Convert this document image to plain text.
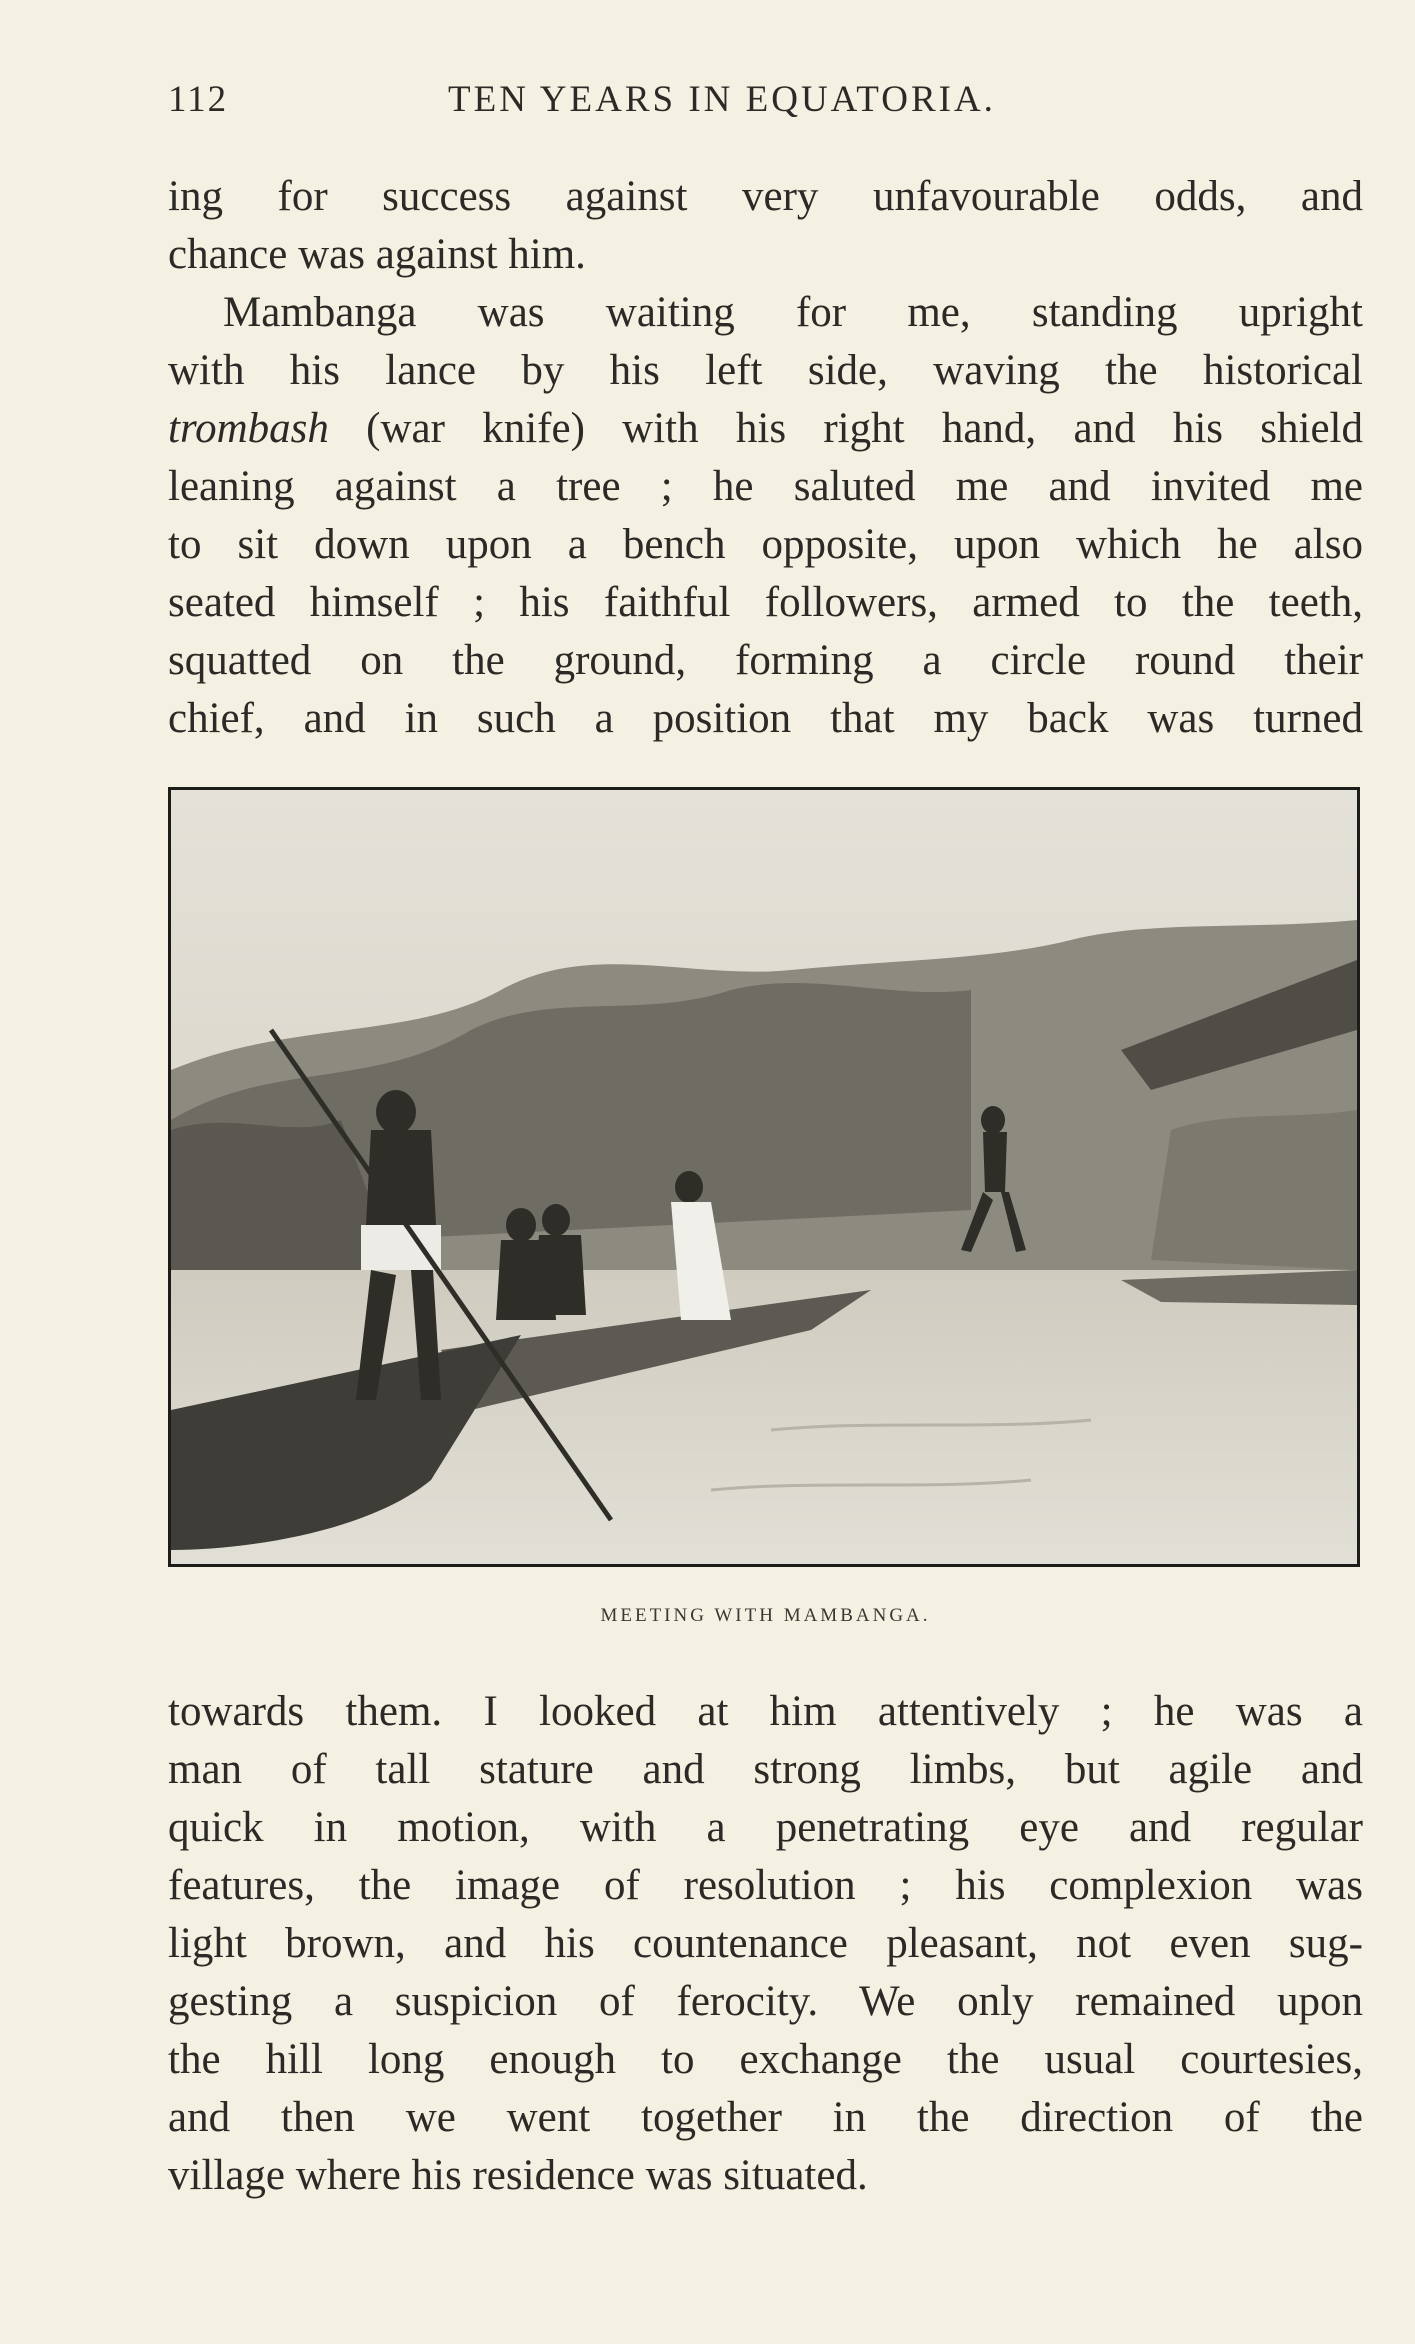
112	TEN YEARS IN EQUATORIA.

ing for success against very unfavourable odds, and

chance was against him.

Mambanga was waiting for me, standing upright

with his lance by his left side, waving the historical

trombash (war knife) with his right hand, and his shield

leaning against a tree ; he saluted me and invited me

to sit down upon a bench opposite, upon which he also

seated himself ; his faithful followers, armed to the teeth,

squatted on the ground, forming a circle round their

chief, and in such a position that my back was turned

MEETING WITH MAMBANGA.

towards them. I looked at him attentively ; he was a

man of tall stature and strong limbs, but agile and

quick in motion, with a penetrating eye and regular

features, the image of resolution ; his complexion was

light brown, and his countenance pleasant, not even sug-

gesting a suspicion of ferocity. We only remained upon

the hill long enough to exchange the usual courtesies,

and then we went together in the direction of the

village where his residence was situated.
